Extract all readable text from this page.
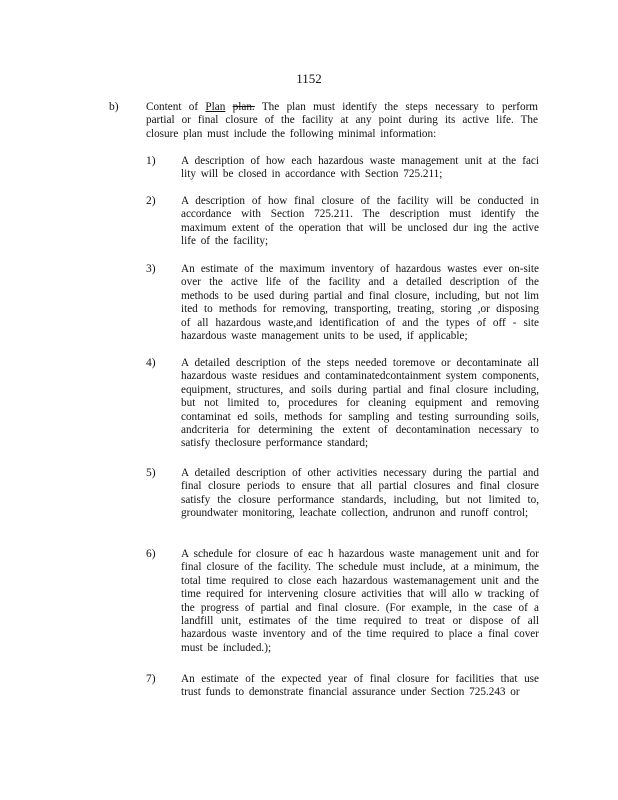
1152
b) Content of Plan plan. The plan must identify the steps necessary to perform partial or final closure of the facility at any point during its active life. The closure plan must include the following minimal information:
1) A description of how each hazardous waste management unit at the faci lity will be closed in accordance with Section 725.211;
2) A description of how final closure of the facility will be conducted in accordance with Section 725.211. The description must identify the maximum extent of the operation that will be unclosed dur ing the active life of the facility;
3) An estimate of the maximum inventory of hazardous wastes ever on-site over the active life of the facility and a detailed description of the methods to be used during partial and final closure, including, but not lim ited to methods for removing, transporting, treating, storing ,or disposing of all hazardous waste,and identification of and the types of off - site hazardous waste management units to be used, if applicable;
4) A detailed description of the steps needed toremove or decontaminate all hazardous waste residues and contaminatedcontainment system components, equipment, structures, and soils during partial and final closure including, but not limited to, procedures for cleaning equipment and removing contaminat ed soils, methods for sampling and testing surrounding soils, andcriteria for determining the extent of decontamination necessary to satisfy theclosure performance standard;
5) A detailed description of other activities necessary during the partial and final closure periods to ensure that all partial closures and final closure satisfy the closure performance standards, including, but not limited to, groundwater monitoring, leachate collection, andrunon and runoff control;
6) A schedule for closure of eac h hazardous waste management unit and for final closure of the facility. The schedule must include, at a minimum, the total time required to close each hazardous wastemanagement unit and the time required for intervening closure activities that will allo w tracking of the progress of partial and final closure. (For example, in the case of a landfill unit, estimates of the time required to treat or dispose of all hazardous waste inventory and of the time required to place a final cover must be included.);
7) An estimate of the expected year of final closure for facilities that use trust funds to demonstrate financial assurance under Section 725.243 or
